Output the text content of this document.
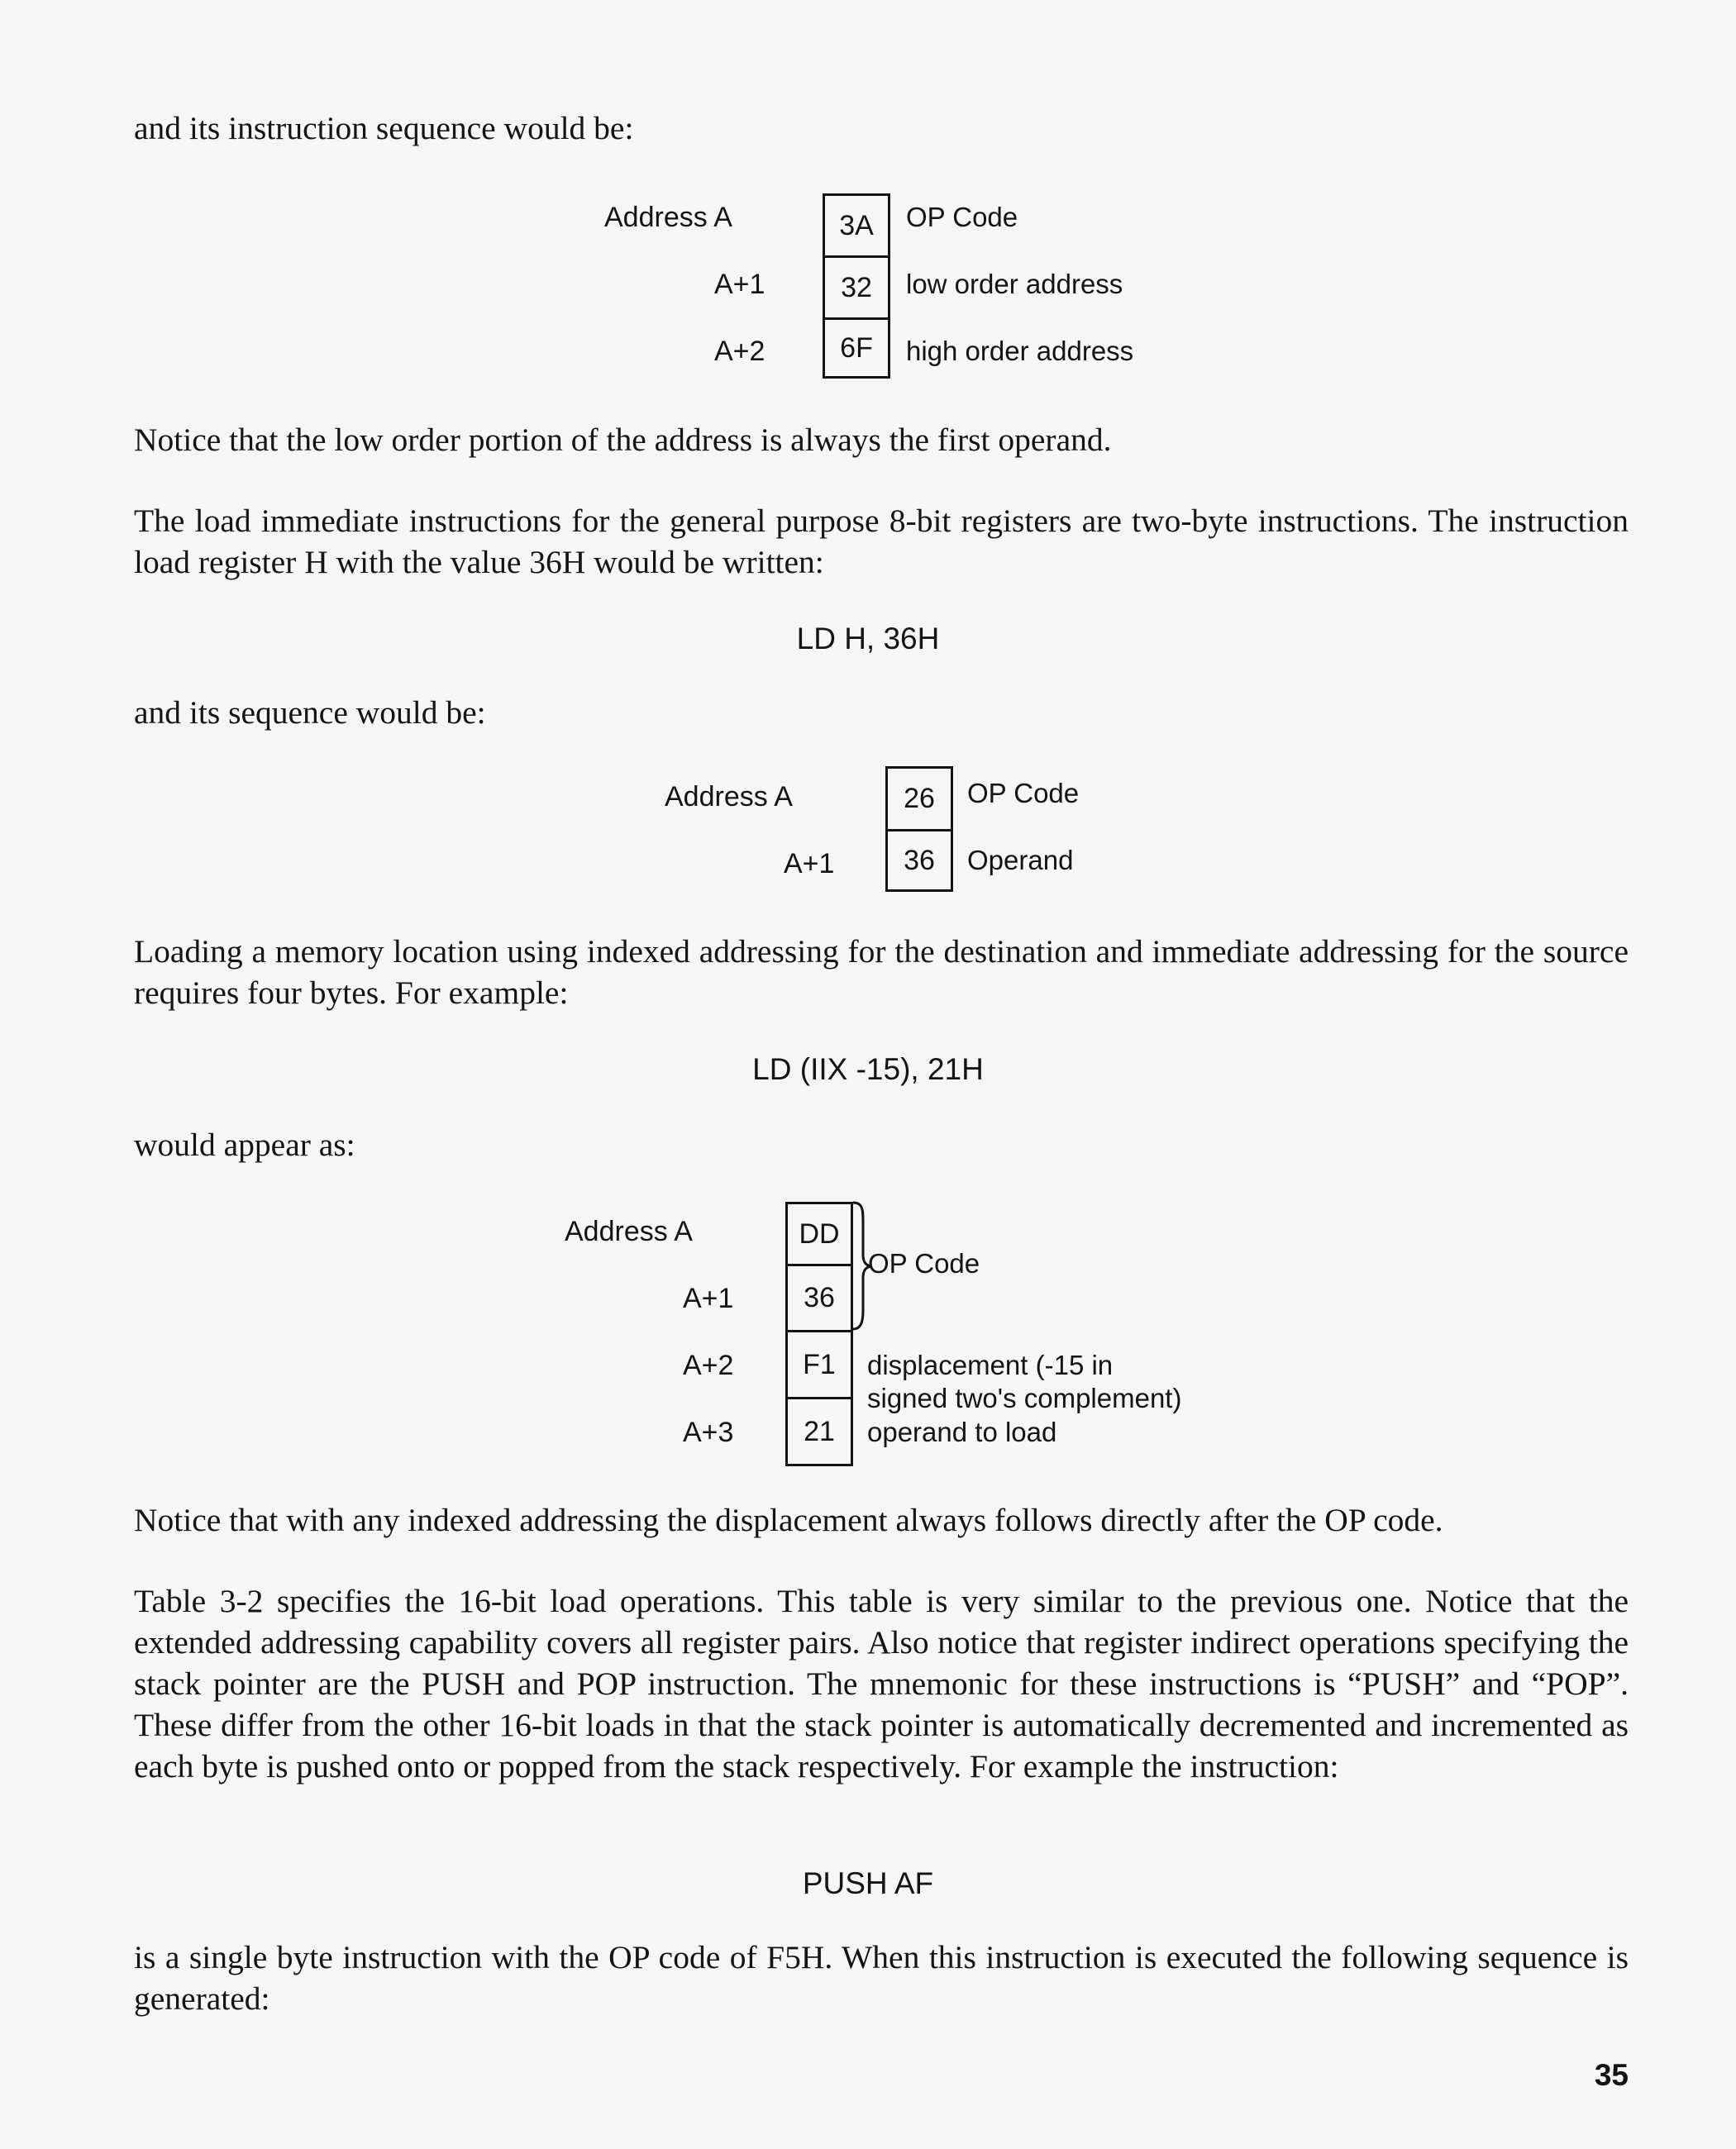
and its instruction sequence would be:

Address A
A+1
A+2
3A
32
6F
OP Code
low order address
high order address

Notice that the low order portion of the address is always the first operand.

The load immediate instructions for the general purpose 8-bit registers are two-byte instructions. The instruction load register H with the value 36H would be written:

LD H, 36H

and its sequence would be:

Address A
A+1
26
36
OP Code
Operand

Loading a memory location using indexed addressing for the destination and immediate addressing for the source requires four bytes. For example:

LD (IIX -15), 21H

would appear as:

Address A
A+1
A+2
A+3
DD
36
F1
21
OP Code
displacement (-15 in
signed two's complement)
operand to load

Notice that with any indexed addressing the displacement always follows directly after the OP code.

Table 3-2 specifies the 16-bit load operations. This table is very similar to the previous one. Notice that the extended addressing capability covers all register pairs. Also notice that register indirect operations specifying the stack pointer are the PUSH and POP instruction. The mnemonic for these instructions is “PUSH” and “POP”. These differ from the other 16-bit loads in that the stack pointer is automatically decremented and incremented as each byte is pushed onto or popped from the stack respectively. For example the instruction:

PUSH AF

is a single byte instruction with the OP code of F5H. When this instruction is executed the following sequence is generated:

35
